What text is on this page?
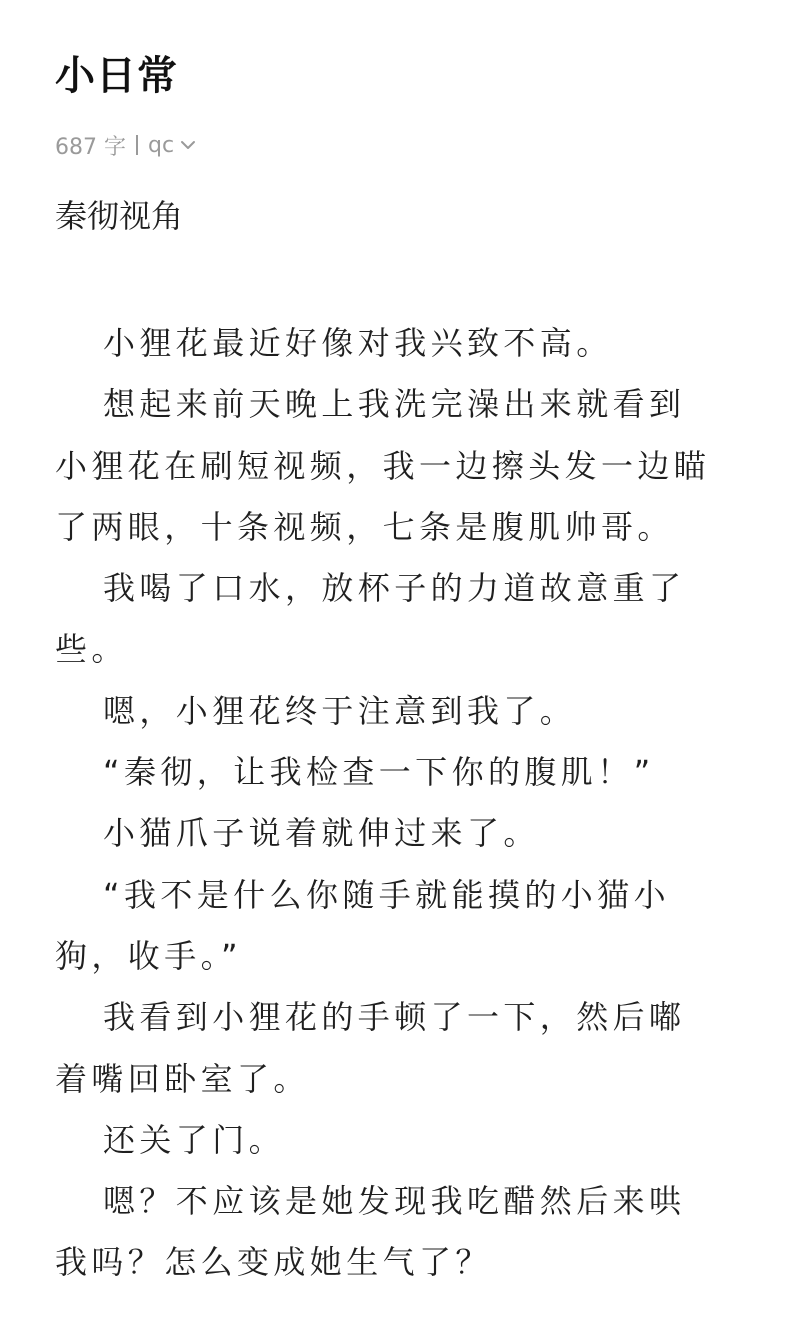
小日常
687 字 qc
秦彻视角
小狸花最近好像对我兴致不高。
想起来前天晚上我洗完澡出来就看到
小狸花在刷短视频，我一边擦头发一边瞄
了两眼，十条视频，七条是腹肌帅哥。
我喝了口水，放杯子的力道故意重了
些。
嗯，小狸花终于注意到我了。
“秦彻，让我检查一下你的腹肌！”
小猫爪子说着就伸过来了。
“我不是什么你随手就能摸的小猫小
狗，收手。”
我看到小狸花的手顿了一下，然后嘟
着嘴回卧室了。
还关了门。
嗯？不应该是她发现我吃醋然后来哄
我吗？怎么变成她生气了？
